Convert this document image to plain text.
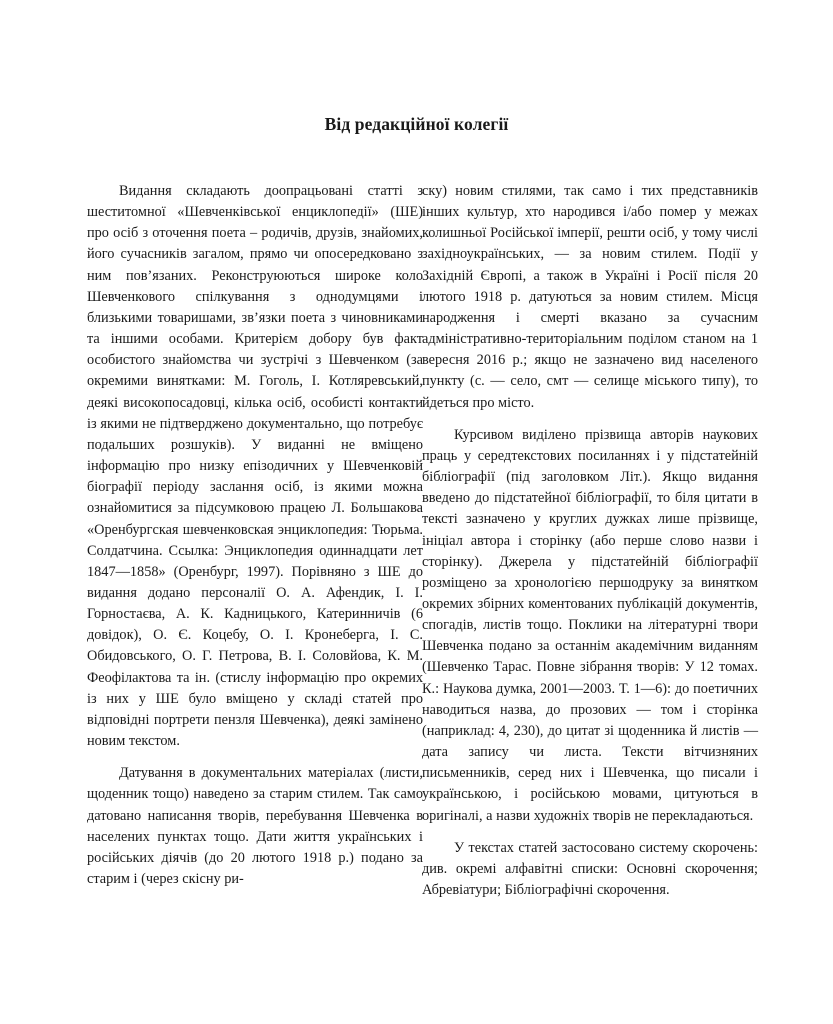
Від редакційної колегії

Видання складають доопрацьовані статті з шеститомної «Шевченківської енциклопедії» (ШЕ) про осіб з оточення поета – родичів, друзів, знайомих, його сучасників загалом, прямо чи опосередковано з ним пов’язаних. Реконструюються широке коло Шевченкового спілкування з однодумцями і близькими товаришами, зв’язки поета з чиновниками та іншими особами. Критерієм добору був факт особистого знайомства чи зустрічі з Шевченком (за окремими винятками: М. Гоголь, І. Котляревський, деякі високопосадовці, кілька осіб, особисті контакти із якими не підтверджено документально, що потребує подальших розшуків). У виданні не вміщено інформацію про низку епізодичних у Шевченковій біографії періоду заслання осіб, із якими можна ознайомитися за підсумковою працею Л. Большакова «Оренбургская шевченковская энциклопедия: Тюрьма. Солдатчина. Ссылка: Энциклопедия одиннадцати лет 1847—1858» (Оренбург, 1997). Порівняно з ШЕ до видання додано персоналії О. А. Афендик, І. І. Горностаєва, А. К. Кадницького, Катеринничів (6 довідок), О. Є. Коцебу, О. І. Кронеберга, І. С. Обидовського, О. Г. Петрова, В. І. Соловйова, К. М. Феофілактова та ін. (стислу інформацію про окремих із них у ШЕ було вміщено у складі статей про відповідні портрети пензля Шевченка), деякі замінено новим текстом.

Датування в документальних матеріалах (листи, щоденник тощо) наведено за старим стилем. Так само датовано написання творів, перебування Шевченка в населених пунктах тощо. Дати життя українських і російських діячів (до 20 лютого 1918 р.) подано за старим і (через скісну ри-

ску) новим стилями, так само і тих представників інших культур, хто народився і/або помер у межах колишньої Російської імперії, решти осіб, у тому числі західноукраїнських, — за новим стилем. Події у Західній Європі, а також в Україні і Росії після 20 лютого 1918 р. датуються за новим стилем. Місця народження і смерті вказано за сучасним адміністративно-територіальним поділом станом на 1 вересня 2016 р.; якщо не зазначено вид населеного пункту (с. — село, смт — селище міського типу), то йдеться про місто.

Курсивом виділено прізвища авторів наукових праць у середтекстових посиланнях і у підстатейній бібліографії (під заголовком Літ.). Якщо видання введено до підстатейної бібліографії, то біля цитати в тексті зазначено у круглих дужках лише прізвище, ініціал автора і сторінку (або перше слово назви і сторінку). Джерела у підстатейній бібліографії розміщено за хронологією першодруку за винятком окремих збірних коментованих публікацій документів, спогадів, листів тощо. Поклики на літературні твори Шевченка подано за останнім академічним виданням (Шевченко Тарас. Повне зібрання творів: У 12 томах. К.: Наукова думка, 2001—2003. Т. 1—6): до поетичних наводиться назва, до прозових — том і сторінка (наприклад: 4, 230), до цитат зі щоденника й листів — дата запису чи листа. Тексти вітчизняних письменників, серед них і Шевченка, що писали і українською, і російською мовами, цитуються в оригіналі, а назви художніх творів не перекладаються.

У текстах статей застосовано систему скорочень: див. окремі алфавітні списки: Основні скорочення; Абревіатури; Бібліографічні скорочення.
